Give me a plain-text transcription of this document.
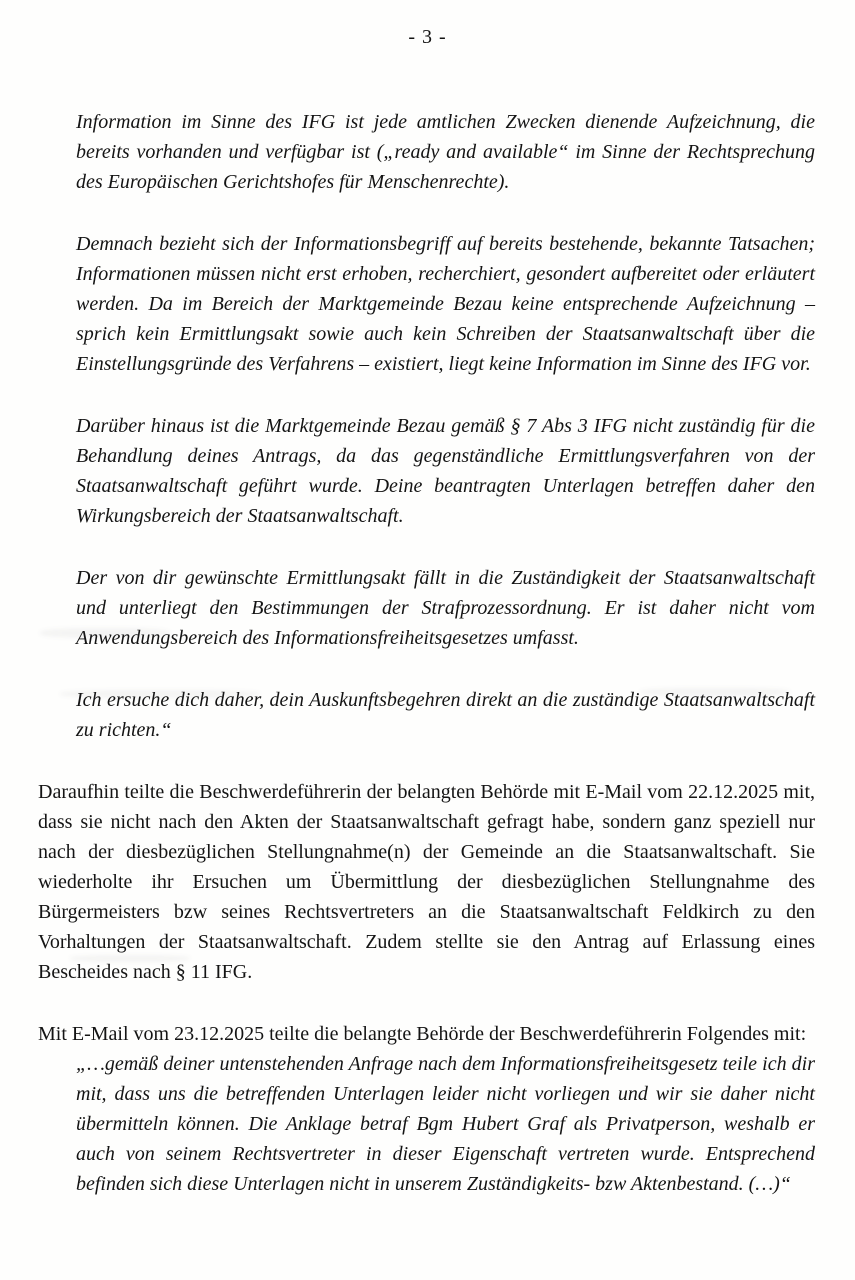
- 3 -

Information im Sinne des IFG ist jede amtlichen Zwecken dienende Aufzeichnung, die bereits vorhanden und verfügbar ist („ready and available“ im Sinne der Rechtsprechung des Europäischen Gerichtshofes für Menschenrechte).

Demnach bezieht sich der Informationsbegriff auf bereits bestehende, bekannte Tatsachen; Informationen müssen nicht erst erhoben, recherchiert, gesondert aufbereitet oder erläutert werden. Da im Bereich der Marktgemeinde Bezau keine entsprechende Aufzeichnung – sprich kein Ermittlungsakt sowie auch kein Schreiben der Staatsanwaltschaft über die Einstellungsgründe des Verfahrens – existiert, liegt keine Information im Sinne des IFG vor.

Darüber hinaus ist die Marktgemeinde Bezau gemäß § 7 Abs 3 IFG nicht zuständig für die Behandlung deines Antrags, da das gegenständliche Ermittlungsverfahren von der Staatsanwaltschaft geführt wurde. Deine beantragten Unterlagen betreffen daher den Wirkungsbereich der Staatsanwaltschaft.

Der von dir gewünschte Ermittlungsakt fällt in die Zuständigkeit der Staatsanwaltschaft und unterliegt den Bestimmungen der Strafprozessordnung. Er ist daher nicht vom Anwendungsbereich des Informationsfreiheitsgesetzes umfasst.

Ich ersuche dich daher, dein Auskunftsbegehren direkt an die zuständige Staatsanwaltschaft zu richten.“

Daraufhin teilte die Beschwerdeführerin der belangten Behörde mit E-Mail vom 22.12.2025 mit, dass sie nicht nach den Akten der Staatsanwaltschaft gefragt habe, sondern ganz speziell nur nach der diesbezüglichen Stellungnahme(n) der Gemeinde an die Staatsanwaltschaft. Sie wiederholte ihr Ersuchen um Übermittlung der diesbezüglichen Stellungnahme des Bürgermeisters bzw seines Rechtsvertreters an die Staatsanwaltschaft Feldkirch zu den Vorhaltungen der Staatsanwaltschaft. Zudem stellte sie den Antrag auf Erlassung eines Bescheides nach § 11 IFG.

Mit E-Mail vom 23.12.2025 teilte die belangte Behörde der Beschwerdeführerin Folgendes mit:

„…gemäß deiner untenstehenden Anfrage nach dem Informationsfreiheitsgesetz teile ich dir mit, dass uns die betreffenden Unterlagen leider nicht vorliegen und wir sie daher nicht übermitteln können. Die Anklage betraf Bgm Hubert Graf als Privatperson, weshalb er auch von seinem Rechtsvertreter in dieser Eigenschaft vertreten wurde. Entsprechend befinden sich diese Unterlagen nicht in unserem Zuständigkeits- bzw Aktenbestand. (…)“
